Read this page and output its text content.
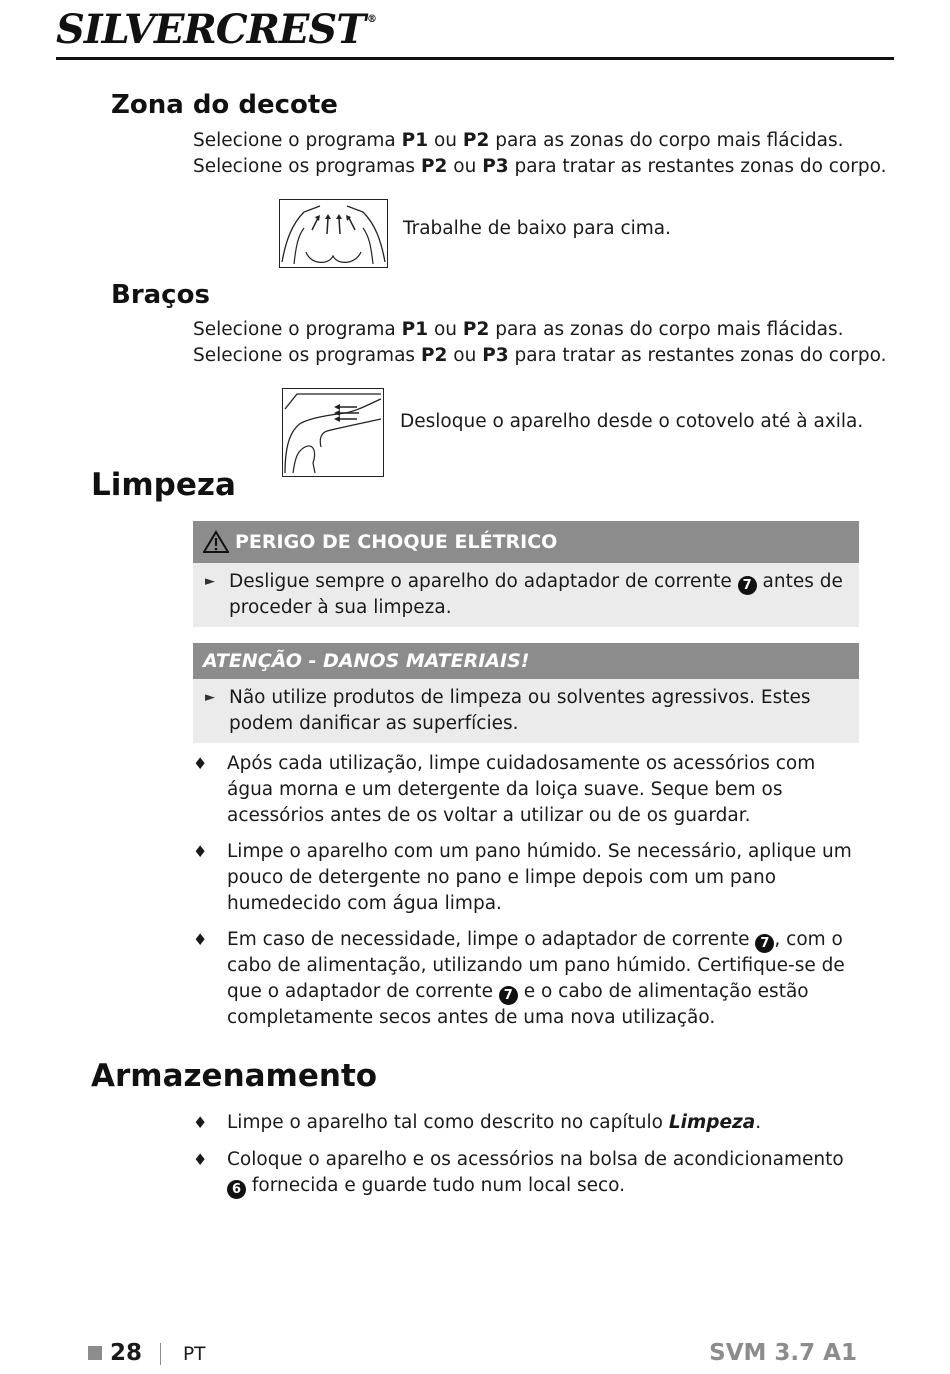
SILVERCREST ®
Zona do decote
Selecione o programa P1 ou P2 para as zonas do corpo mais flácidas.
Selecione os programas P2 ou P3 para tratar as restantes zonas do corpo.
Trabalhe de baixo para cima.
Braços
Selecione o programa P1 ou P2 para as zonas do corpo mais flácidas.
Selecione os programas P2 ou P3 para tratar as restantes zonas do corpo.
Desloque o aparelho desde o cotovelo até à axila.
Limpeza
PERIGO DE CHOQUE ELÉTRICO
► Desligue sempre o aparelho do adaptador de corrente 7 antes de proceder à sua limpeza.
ATENÇÃO - DANOS MATERIAIS!
► Não utilize produtos de limpeza ou solventes agressivos. Estes podem danificar as superfícies.
♦ Após cada utilização, limpe cuidadosamente os acessórios com água morna e um detergente da loiça suave. Seque bem os acessórios antes de os voltar a utilizar ou de os guardar.
♦ Limpe o aparelho com um pano húmido. Se necessário, aplique um pouco de detergente no pano e limpe depois com um pano humedecido com água limpa.
♦ Em caso de necessidade, limpe o adaptador de corrente 7 , com o cabo de alimentação, utilizando um pano húmido. Certifique-se de que o adaptador de corrente 7 e o cabo de alimentação estão completamente secos antes de uma nova utilização.
Armazenamento
♦ Limpe o aparelho tal como descrito no capítulo Limpeza.
♦ Coloque o aparelho e os acessórios na bolsa de acondicionamento 6 fornecida e guarde tudo num local seco.
28 PT	SVM 3.7 A1
